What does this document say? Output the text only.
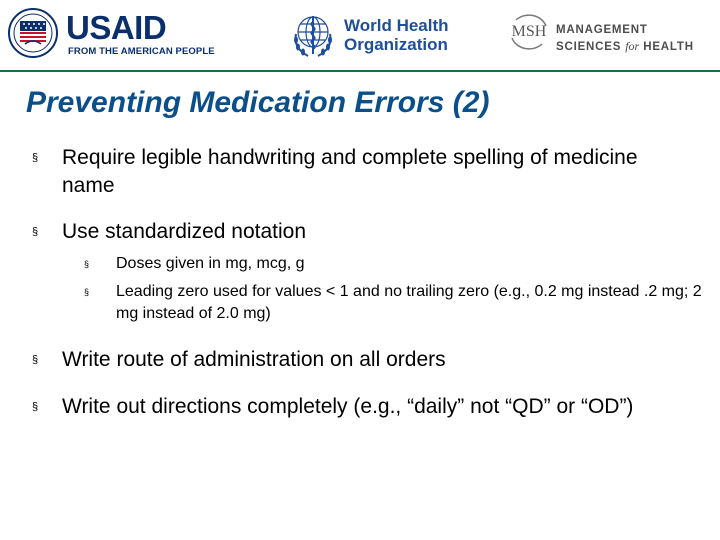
USAID
FROM THE AMERICAN PEOPLE
World Health
Organization
MSH MANAGEMENT
SCIENCES for HEALTH
Preventing Medication Errors (2)
§ Require legible handwriting and complete spelling of medicine name
§ Use standardized notation
§ Doses given in mg, mcg, g
§ Leading zero used for values < 1 and no trailing zero (e.g., 0.2 mg instead .2 mg; 2 mg instead of 2.0 mg)
§ Write route of administration on all orders
§ Write out directions completely (e.g., “daily” not “QD” or “OD”)
